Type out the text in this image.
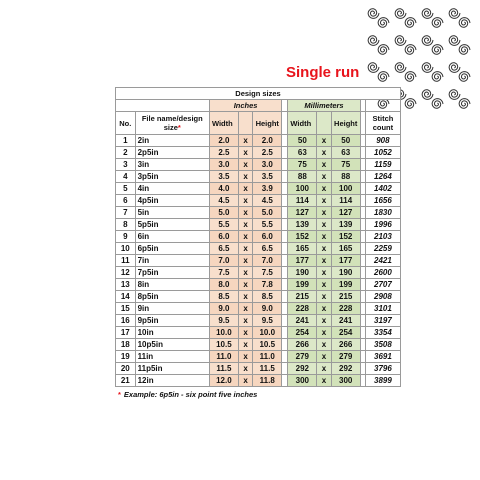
Single run
Design sizes										
		Inches				Millimeters				
No.	File name/design size*	Width		Height		Width		Height		Stitch count
1	2in	2.0	x	2.0		50	x	50		908
2	2p5in	2.5	x	2.5		63	x	63		1052
3	3in	3.0	x	3.0		75	x	75		1159
4	3p5in	3.5	x	3.5		88	x	88		1264
5	4in	4.0	x	3.9		100	x	100		1402
6	4p5in	4.5	x	4.5		114	x	114		1656
7	5in	5.0	x	5.0		127	x	127		1830
8	5p5in	5.5	x	5.5		139	x	139		1996
9	6in	6.0	x	6.0		152	x	152		2103
10	6p5in	6.5	x	6.5		165	x	165		2259
11	7in	7.0	x	7.0		177	x	177		2421
12	7p5in	7.5	x	7.5		190	x	190		2600
13	8in	8.0	x	7.8		199	x	199		2707
14	8p5in	8.5	x	8.5		215	x	215		2908
15	9in	9.0	x	9.0		228	x	228		3101
16	9p5in	9.5	x	9.5		241	x	241		3197
17	10in	10.0	x	10.0		254	x	254		3354
18	10p5in	10.5	x	10.5		266	x	266		3508
19	11in	11.0	x	11.0		279	x	279		3691
20	11p5in	11.5	x	11.5		292	x	292		3796
21	12in	12.0	x	11.8		300	x	300		3899
* Example: 6p5in - six point five inches
